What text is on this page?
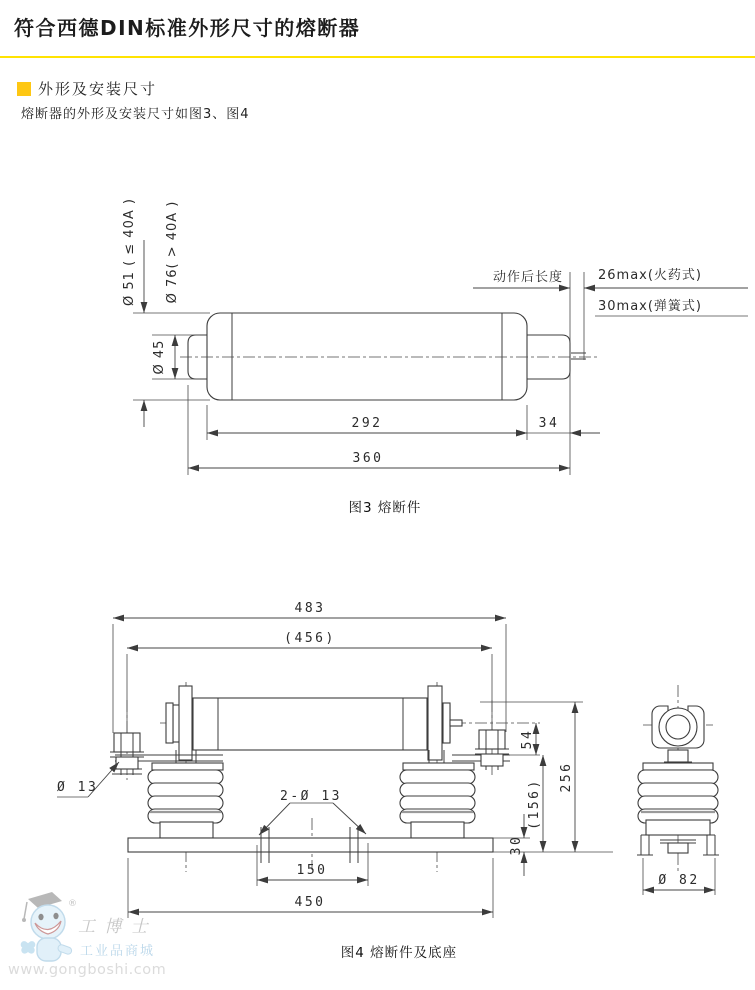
符合西德DIN标准外形尺寸的熔断器
外形及安装尺寸
熔断器的外形及安装尺寸如图3、图4
Ø 51 ( ≤ 40A ) Ø 76( > 40A )
Ø 45
292	34
360
动作后长度	26max(火药式)
30max(弹簧式)
图3 熔断件
483
(456)
54
256
(156)
30
Ø 13
2-Ø 13
150
450
Ø 82
图4 熔断件及底座
®
工 博 士
工业品商城
www.gongboshi.com
